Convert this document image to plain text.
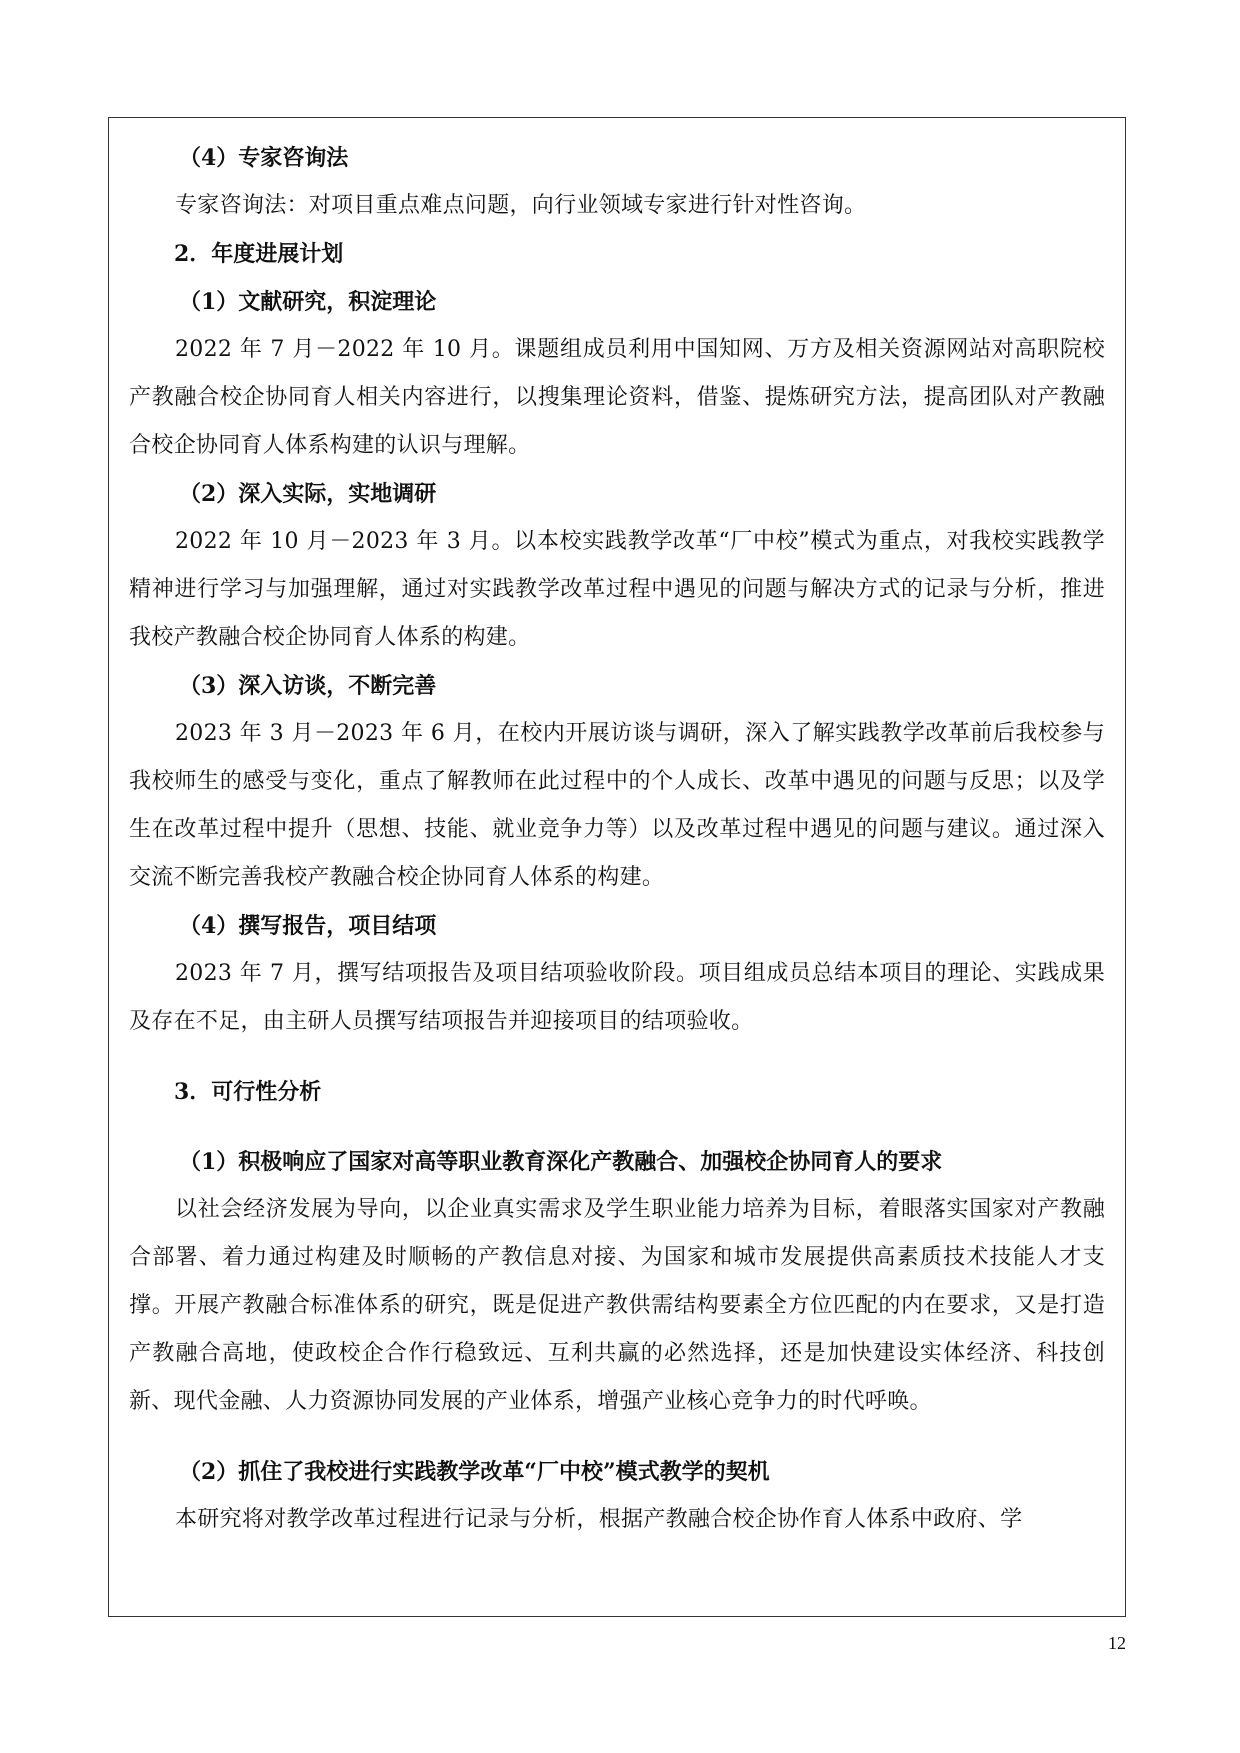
（4）专家咨询法

专家咨询法：对项目重点难点问题，向行业领域专家进行针对性咨询。

2．年度进展计划

（1）文献研究，积淀理论

2022 年 7 月－2022 年 10 月。课题组成员利用中国知网、万方及相关资源网站对高职院校产教融合校企协同育人相关内容进行，以搜集理论资料，借鉴、提炼研究方法，提高团队对产教融合校企协同育人体系构建的认识与理解。

（2）深入实际，实地调研

2022 年 10 月－2023 年 3 月。以本校实践教学改革“厂中校”模式为重点，对我校实践教学精神进行学习与加强理解，通过对实践教学改革过程中遇见的问题与解决方式的记录与分析，推进我校产教融合校企协同育人体系的构建。

（3）深入访谈，不断完善

2023 年 3 月－2023 年 6 月，在校内开展访谈与调研，深入了解实践教学改革前后我校参与我校师生的感受与变化，重点了解教师在此过程中的个人成长、改革中遇见的问题与反思；以及学生在改革过程中提升（思想、技能、就业竞争力等）以及改革过程中遇见的问题与建议。通过深入交流不断完善我校产教融合校企协同育人体系的构建。

（4）撰写报告，项目结项

2023 年 7 月，撰写结项报告及项目结项验收阶段。项目组成员总结本项目的理论、实践成果及存在不足，由主研人员撰写结项报告并迎接项目的结项验收。

3．可行性分析

（1）积极响应了国家对高等职业教育深化产教融合、加强校企协同育人的要求

以社会经济发展为导向，以企业真实需求及学生职业能力培养为目标，着眼落实国家对产教融合部署、着力通过构建及时顺畅的产教信息对接、为国家和城市发展提供高素质技术技能人才支撑。开展产教融合标准体系的研究，既是促进产教供需结构要素全方位匹配的内在要求，又是打造产教融合高地，使政校企合作行稳致远、互利共赢的必然选择，还是加快建设实体经济、科技创新、现代金融、人力资源协同发展的产业体系，增强产业核心竞争力的时代呼唤。

（2）抓住了我校进行实践教学改革“厂中校”模式教学的契机

本研究将对教学改革过程进行记录与分析，根据产教融合校企协作育人体系中政府、学

12
